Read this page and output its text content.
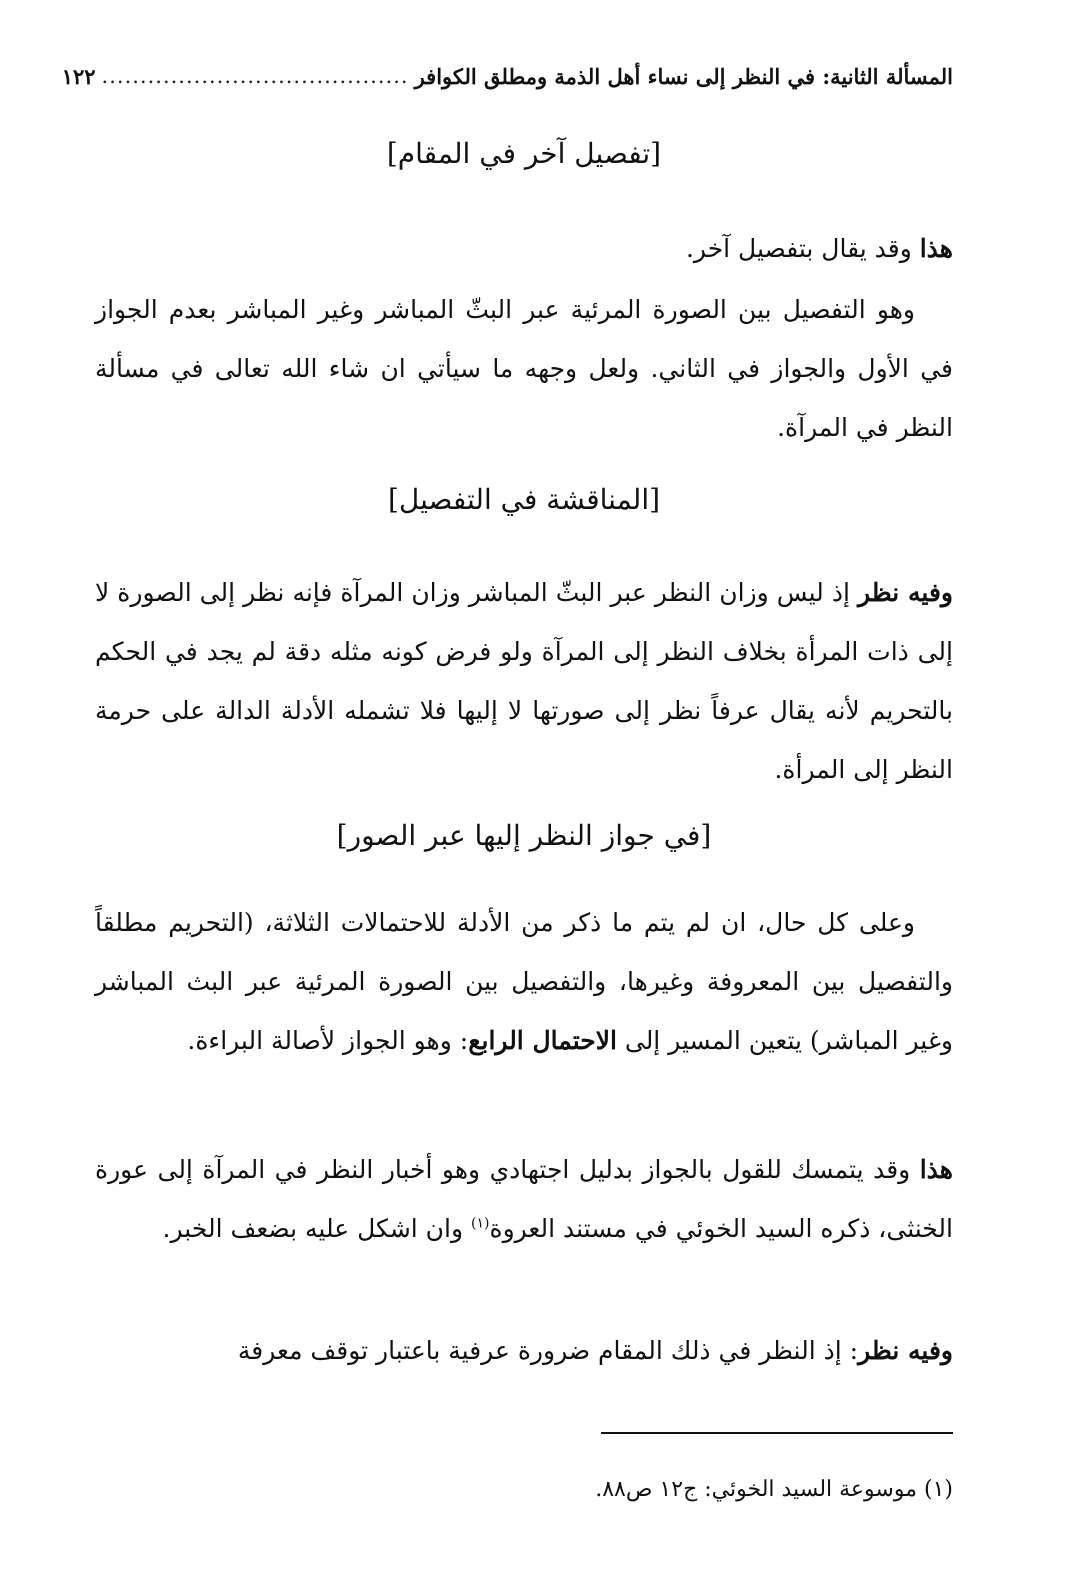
المسألة الثانية: في النظر إلى نساء أهل الذمة ومطلق الكوافر
........................................
١٢٢
[تفصيل آخر في المقام]
هذا وقد يقال بتفصيل آخر.
وهو التفصيل بين الصورة المرئية عبر البثّ المباشر وغير المباشر بعدم الجواز في الأول والجواز في الثاني. ولعل وجهه ما سيأتي ان شاء الله تعالى في مسألة النظر في المرآة.
[المناقشة في التفصيل]
وفيه نظر إذ ليس وزان النظر عبر البثّ المباشر وزان المرآة فإنه نظر إلى الصورة لا إلى ذات المرأة بخلاف النظر إلى المرآة ولو فرض كونه مثله دقة لم يجد في الحكم بالتحريم لأنه يقال عرفاً نظر إلى صورتها لا إليها فلا تشمله الأدلة الدالة على حرمة النظر إلى المرأة.
[في جواز النظر إليها عبر الصور]
وعلى كل حال، ان لم يتم ما ذكر من الأدلة للاحتمالات الثلاثة، (التحريم مطلقاً والتفصيل بين المعروفة وغيرها، والتفصيل بين الصورة المرئية عبر البث المباشر وغير المباشر) يتعين المسير إلى الاحتمال الرابع: وهو الجواز لأصالة البراءة.
هذا وقد يتمسك للقول بالجواز بدليل اجتهادي وهو أخبار النظر في المرآة إلى عورة الخنثى، ذكره السيد الخوئي في مستند العروة$^{(١)}$ وان اشكل عليه بضعف الخبر.
وفيه نظر: إذ النظر في ذلك المقام ضرورة عرفية باعتبار توقف معرفة
(١) موسوعة السيد الخوئي: ج١٢ ص٨٨.
